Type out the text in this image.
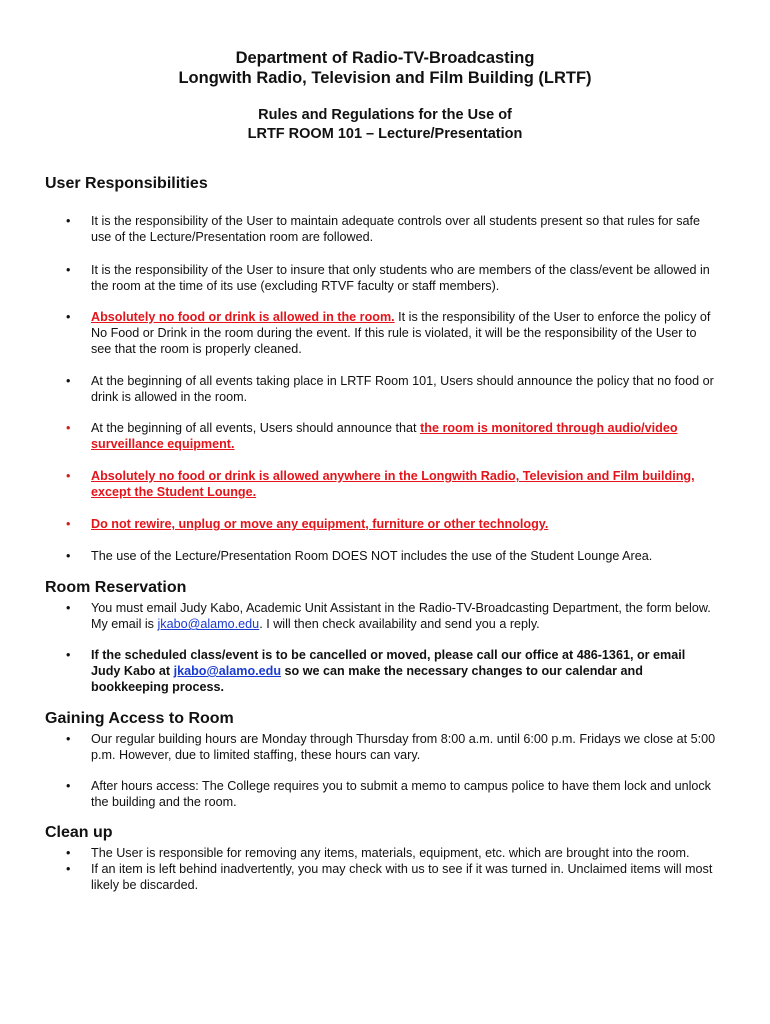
Department of Radio-TV-Broadcasting
Longwith Radio, Television and Film Building (LRTF)
Rules and Regulations for the Use of
LRTF ROOM 101 – Lecture/Presentation
User Responsibilities
• It is the responsibility of the User to maintain adequate controls over all students present so that rules for safe use of the Lecture/Presentation room are followed.
• It is the responsibility of the User to insure that only students who are members of the class/event be allowed in the room at the time of its use (excluding RTVF faculty or staff members).
• Absolutely no food or drink is allowed in the room. It is the responsibility of the User to enforce the policy of No Food or Drink in the room during the event. If this rule is violated, it will be the responsibility of the User to see that the room is properly cleaned.
• At the beginning of all events taking place in LRTF Room 101, Users should announce the policy that no food or drink is allowed in the room.
• At the beginning of all events, Users should announce that the room is monitored through audio/video surveillance equipment.
• Absolutely no food or drink is allowed anywhere in the Longwith Radio, Television and Film building, except the Student Lounge.
• Do not rewire, unplug or move any equipment, furniture or other technology.
• The use of the Lecture/Presentation Room DOES NOT includes the use of the Student Lounge Area.
Room Reservation
• You must email Judy Kabo, Academic Unit Assistant in the Radio-TV-Broadcasting Department, the form below. My email is jkabo@alamo.edu. I will then check availability and send you a reply.
• If the scheduled class/event is to be cancelled or moved, please call our office at 486-1361, or email Judy Kabo at jkabo@alamo.edu so we can make the necessary changes to our calendar and bookkeeping process.
Gaining Access to Room
• Our regular building hours are Monday through Thursday from 8:00 a.m. until 6:00 p.m. Fridays we close at 5:00 p.m. However, due to limited staffing, these hours can vary.
• After hours access: The College requires you to submit a memo to campus police to have them lock and unlock the building and the room.
Clean up
• The User is responsible for removing any items, materials, equipment, etc. which are brought into the room.
• If an item is left behind inadvertently, you may check with us to see if it was turned in. Unclaimed items will most likely be discarded.
